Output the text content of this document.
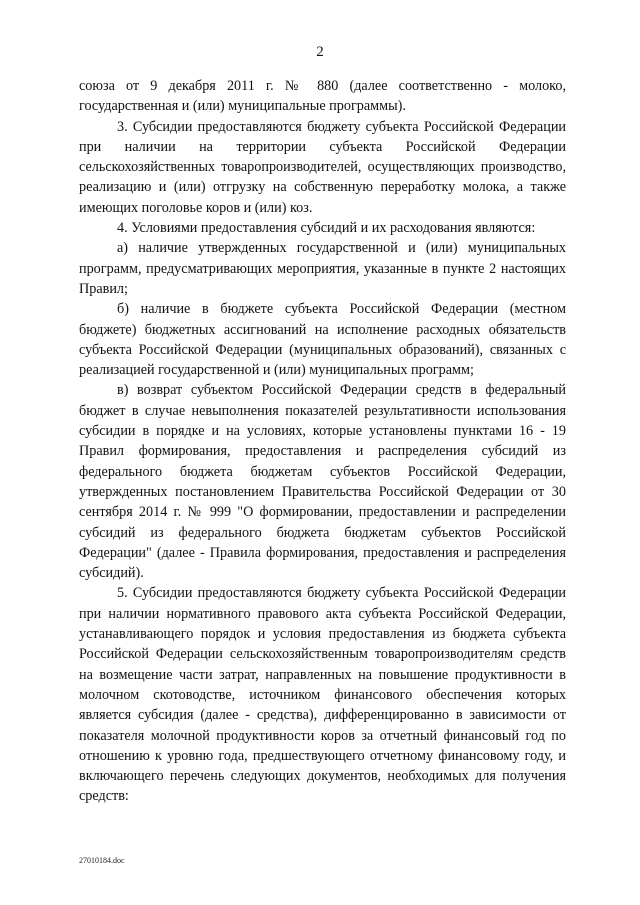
2

союза от 9 декабря 2011 г. № 880 (далее соответственно - молоко, государственная и (или) муниципальные программы).

3. Субсидии предоставляются бюджету субъекта Российской Федерации при наличии на территории субъекта Российской Федерации сельскохозяйственных товаропроизводителей, осуществляющих производство, реализацию и (или) отгрузку на собственную переработку молока, а также имеющих поголовье коров и (или) коз.

4. Условиями предоставления субсидий и их расходования являются:

а) наличие утвержденных государственной и (или) муниципальных программ, предусматривающих мероприятия, указанные в пункте 2 настоящих Правил;

б) наличие в бюджете субъекта Российской Федерации (местном бюджете) бюджетных ассигнований на исполнение расходных обязательств субъекта Российской Федерации (муниципальных образований), связанных с реализацией государственной и (или) муниципальных программ;

в) возврат субъектом Российской Федерации средств в федеральный бюджет в случае невыполнения показателей результативности использования субсидии в порядке и на условиях, которые установлены пунктами 16 - 19 Правил формирования, предоставления и распределения субсидий из федерального бюджета бюджетам субъектов Российской Федерации, утвержденных постановлением Правительства Российской Федерации от 30 сентября 2014 г. № 999 "О формировании, предоставлении и распределении субсидий из федерального бюджета бюджетам субъектов Российской Федерации" (далее - Правила формирования, предоставления и распределения субсидий).

5. Субсидии предоставляются бюджету субъекта Российской Федерации при наличии нормативного правового акта субъекта Российской Федерации, устанавливающего порядок и условия предоставления из бюджета субъекта Российской Федерации сельскохозяйственным товаропроизводителям средств на возмещение части затрат, направленных на повышение продуктивности в молочном скотоводстве, источником финансового обеспечения которых является субсидия (далее - средства), дифференцированно в зависимости от показателя молочной продуктивности коров за отчетный финансовый год по отношению к уровню года, предшествующего отчетному финансовому году, и включающего перечень следующих документов, необходимых для получения средств:

27010184.doc
